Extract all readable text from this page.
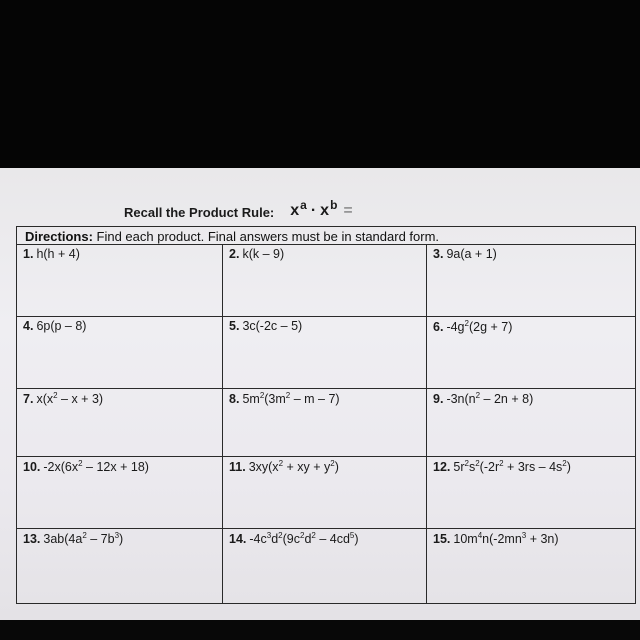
Recall the Product Rule: $x^a \cdot x^b$ =
Directions: Find each product. Final answers must be in standard form.
1. h(h + 4)	2. k(k – 9)	3. 9a(a + 1)
4. 6p(p – 8)	5. 3c(-2c – 5)	6. $-4g^2(2g + 7)$
7. $x(x^2 - x + 3)$	8. $5m^2(3m^2$ – m – 7)	9. $-3n(n^2 - 2n + 8)$
10. $-2x(6x^2 - 12x + 18)$	11. $3xy(x^2$ + xy + $y^2$)	12. $5r^2s^2(-2r^2 + 3rs - 4s^2)$
13. $3ab(4a^2 - 7b^3)$	14. $-4c^3d^2(9c^2d^2 - 4cd^5)$	15. $10m^4n(-2mn^3 + 3n)$
